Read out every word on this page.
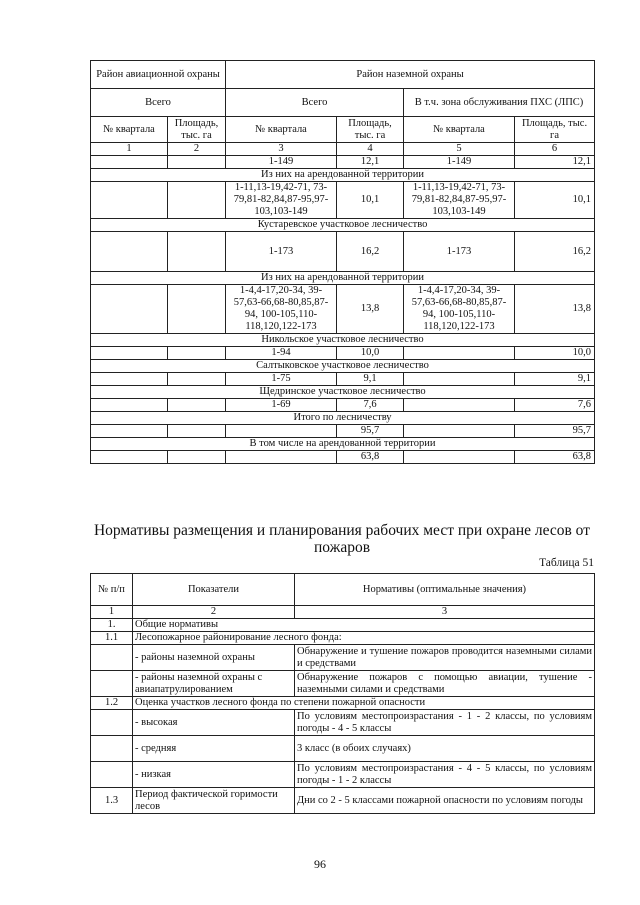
Район авиационной охраны		Район наземной охраны			
Всего		Всего		В т.ч. зона обслуживания ПХС (ЛПС)	
№ квартала	Площадь, тыс. га	№ квартала	Площадь, тыс. га	№ квартала	Площадь, тыс. га
1	2	3	4	5	6
		1-149	12,1	1-149	12,1
Из них на арендованной территории					
		1-11,13-19,42-71, 73-79,81-82,84,87-95,97-103,103-149	10,1	1-11,13-19,42-71, 73-79,81-82,84,87-95,97-103,103-149	10,1
Кустаревское участковое лесничество					
		1-173	16,2	1-173	16,2
Из них на арендованной территории					
		1-4,4-17,20-34, 39-57,63-66,68-80,85,87-94, 100-105,110-118,120,122-173	13,8	1-4,4-17,20-34, 39-57,63-66,68-80,85,87-94, 100-105,110-118,120,122-173	13,8
Никольское участковое лесничество					
		1-94	10,0		10,0
Салтыковское участковое лесничество					
		1-75	9,1		9,1
Щедринское участковое лесничество					
		1-69	7,6		7,6
Итого по лесничеству					
			95,7		95,7
В том числе на арендованной территории					
			63,8		63,8
Нормативы размещения и планирования рабочих мест при охране лесов от пожаров
Таблица 51
№ п/п	Показатели	Нормативы (оптимальные значения)
1	2	3
1.	Общие нормативы	
1.1	Лесопожарное районирование лесного фонда:	
	- районы наземной охраны	Обнаружение и тушение пожаров проводится наземными силами и средствами
	- районы наземной охраны с авиапатрулированием	Обнаружение пожаров с помощью авиации, тушение - наземными силами и средствами
1.2	Оценка участков лесного фонда по степени пожарной опасности	
	- высокая	По условиям местопроизрастания - 1 - 2 классы, по условиям погоды - 4 - 5 классы
	- средняя	3 класс (в обоих случаях)
	- низкая	По условиям местопроизрастания - 4 - 5 классы, по условиям погоды - 1 - 2 классы
1.3	Период фактической горимости лесов	Дни со 2 - 5 классами пожарной опасности по условиям погоды
96
